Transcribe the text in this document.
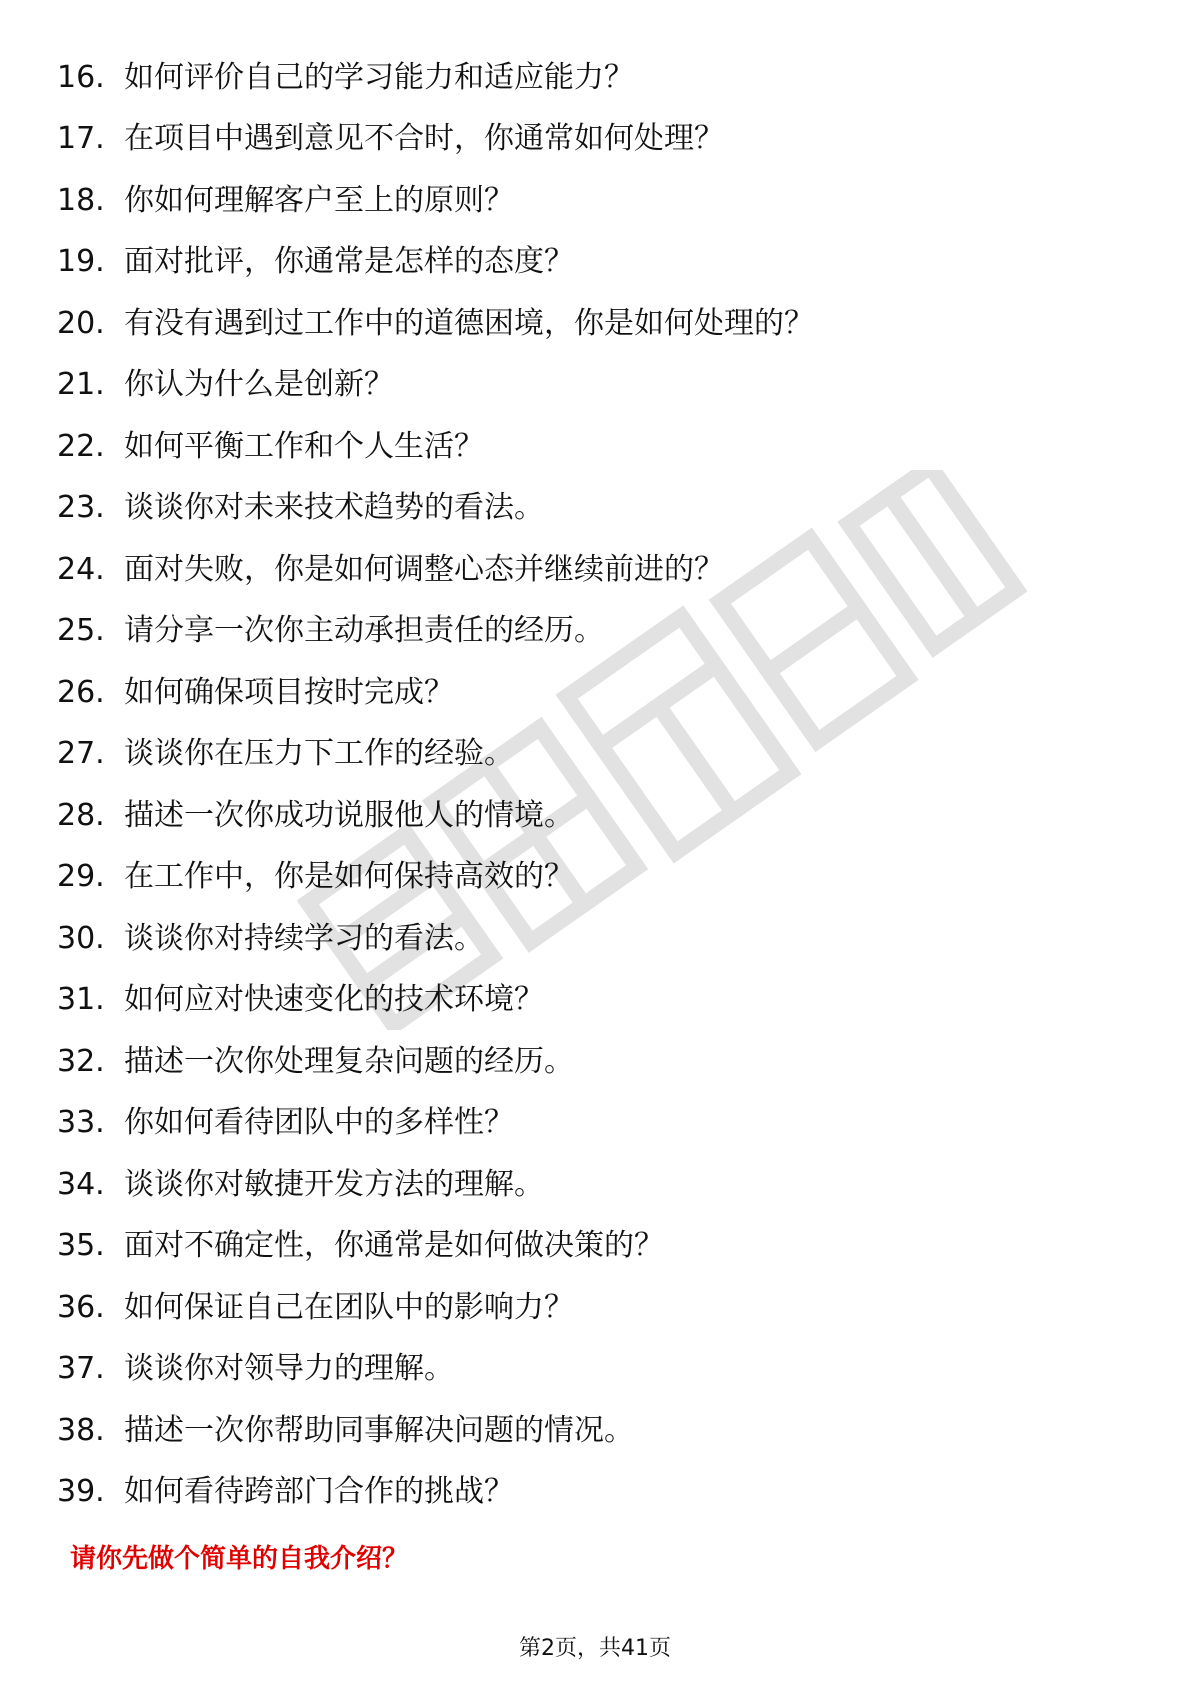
16. 如何评价自己的学习能力和适应能力？
17. 在项目中遇到意见不合时，你通常如何处理？
18. 你如何理解客户至上的原则？
19. 面对批评，你通常是怎样的态度？
20. 有没有遇到过工作中的道德困境，你是如何处理的？
21. 你认为什么是创新？
22. 如何平衡工作和个人生活？
23. 谈谈你对未来技术趋势的看法。
24. 面对失败，你是如何调整心态并继续前进的？
25. 请分享一次你主动承担责任的经历。
26. 如何确保项目按时完成？
27. 谈谈你在压力下工作的经验。
28. 描述一次你成功说服他人的情境。
29. 在工作中，你是如何保持高效的？
30. 谈谈你对持续学习的看法。
31. 如何应对快速变化的技术环境？
32. 描述一次你处理复杂问题的经历。
33. 你如何看待团队中的多样性？
34. 谈谈你对敏捷开发方法的理解。
35. 面对不确定性，你通常是如何做决策的？
36. 如何保证自己在团队中的影响力？
37. 谈谈你对领导力的理解。
38. 描述一次你帮助同事解决问题的情况。
39. 如何看待跨部门合作的挑战？
请你先做个简单的自我介绍？
第2页，共41页
